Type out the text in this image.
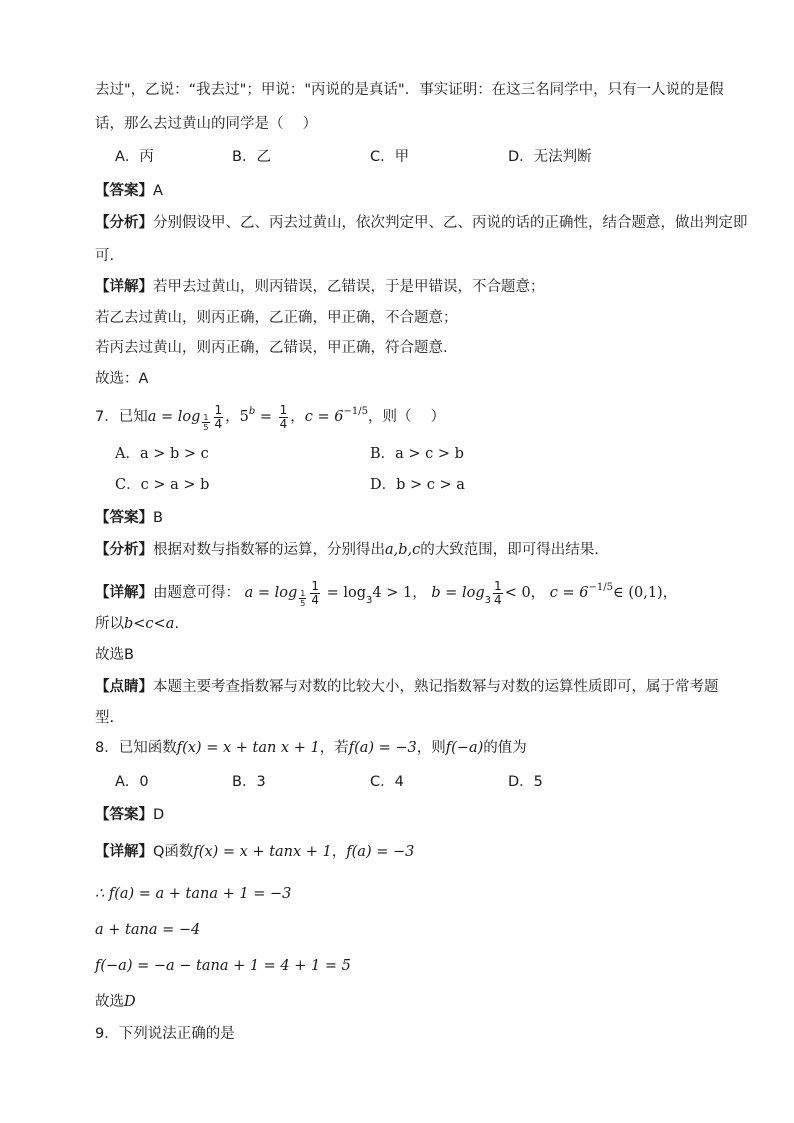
去过"，乙说：“我去过"；甲说："丙说的是真话"．事实证明：在这三名同学中，只有一人说的是假
话，那么去过黄山的同学是（　 ）
A．丙	B．乙	C．甲	D．无法判断
【答案】A
【分析】分别假设甲、乙、丙去过黄山，依次判定甲、乙、丙说的话的正确性，结合题意，做出判定即
可.
【详解】若甲去过黄山，则丙错误，乙错误，于是甲错误，不合题意；
若乙去过黄山，则丙正确，乙正确，甲正确，不合题意；
若丙去过黄山，则丙正确，乙错误，甲正确，符合题意.
故选：A
7．已知$a = \log \frac{1}{5} \frac{1}{4}$ ，$5^b = \frac{1}{4}$ ，$c = 6^{-1/5}$，则（　 ）
A．a > b > c	B．a > c > b
C．c > a > b	D．b > c > a
【答案】B
【分析】根据对数与指数幂的运算，分别得出a,b,c的大致范围，即可得出结果.
【详解】由题意可得： $a = \log \frac{1}{5} \frac{1}{4} = \log_34 > 1$， $b = \log_3 \frac{1}{4} < 0$， $c = 6^{-1/5}\in$ (0,1)，
所以b<c<a.
故选B
【点睛】本题主要考查指数幂与对数的比较大小，熟记指数幂与对数的运算性质即可，属于常考题
型.
8．已知函数f(x) = x + tan x + 1，若f(a) = −3，则f(−a)的值为
A．0	B．3	C．4	D．5
【答案】D
【详解】Q函数f(x) = x + tanx + 1，f(a) = −3
∴ f(a) = a + tana + 1 = −3
a + tana = −4
f(−a) = −a − tana + 1 = 4 + 1 = 5
故选D
9．下列说法正确的是
